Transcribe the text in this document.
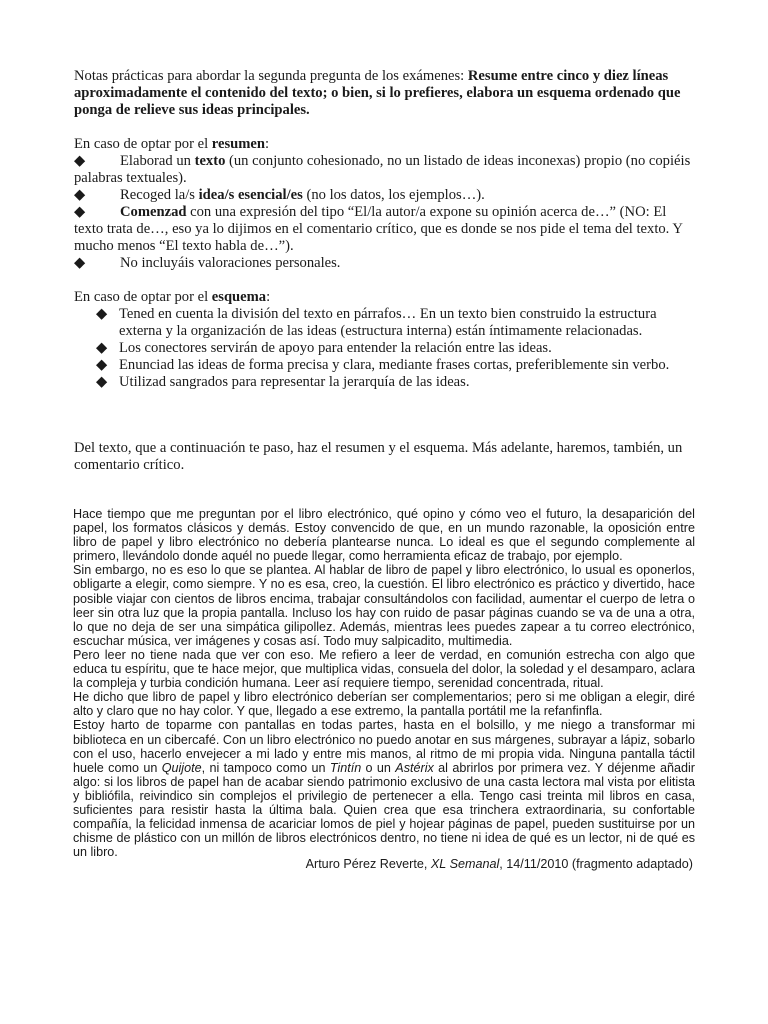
Notas prácticas para abordar la segunda pregunta de los exámenes: Resume entre cinco y diez líneas aproximadamente el contenido del texto; o bien, si lo prefieres, elabora un esquema ordenado que ponga de relieve sus ideas principales.

En caso de optar por el resumen:

◆	Elaborad un texto (un conjunto cohesionado, no un listado de ideas inconexas) propio (no copiéis palabras textuales).
◆	Recoged la/s idea/s esencial/es (no los datos, los ejemplos…).
◆	Comenzad con una expresión del tipo “El/la autor/a expone su opinión acerca de…” (NO: El texto trata de…, eso ya lo dijimos en el comentario crítico, que es donde se nos pide el tema del texto. Y mucho menos “El texto habla de…”).
◆	No incluyáis valoraciones personales.

En caso de optar por el esquema:

◆ Tened en cuenta la división del texto en párrafos… En un texto bien construido la estructura externa y la organización de las ideas (estructura interna) están íntimamente relacionadas.
◆ Los conectores servirán de apoyo para entender la relación entre las ideas.
◆ Enunciad las ideas de forma precisa y clara, mediante frases cortas, preferiblemente sin verbo.
◆ Utilizad sangrados para representar la jerarquía de las ideas.

Del texto, que a continuación te paso, haz el resumen y el esquema. Más adelante, haremos, también, un comentario crítico.

Hace tiempo que me preguntan por el libro electrónico, qué opino y cómo veo el futuro, la desaparición del papel, los formatos clásicos y demás. Estoy convencido de que, en un mundo razonable, la oposición entre libro de papel y libro electrónico no debería plantearse nunca. Lo ideal es que el segundo complemente al primero, llevándolo donde aquél no puede llegar, como herramienta eficaz de trabajo, por ejemplo.

Sin embargo, no es eso lo que se plantea. Al hablar de libro de papel y libro electrónico, lo usual es oponerlos, obligarte a elegir, como siempre. Y no es esa, creo, la cuestión. El libro electrónico es práctico y divertido, hace posible viajar con cientos de libros encima, trabajar consultándolos con facilidad, aumentar el cuerpo de letra o leer sin otra luz que la propia pantalla. Incluso los hay con ruido de pasar páginas cuando se va de una a otra, lo que no deja de ser una simpática gilipollez. Además, mientras lees puedes zapear a tu correo electrónico, escuchar música, ver imágenes y cosas así. Todo muy salpicadito, multimedia.

Pero leer no tiene nada que ver con eso. Me refiero a leer de verdad, en comunión estrecha con algo que educa tu espíritu, que te hace mejor, que multiplica vidas, consuela del dolor, la soledad y el desamparo, aclara la compleja y turbia condición humana. Leer así requiere tiempo, serenidad concentrada, ritual.

He dicho que libro de papel y libro electrónico deberían ser complementarios; pero si me obligan a elegir, diré alto y claro que no hay color. Y que, llegado a ese extremo, la pantalla portátil me la refanfinfla.

Estoy harto de toparme con pantallas en todas partes, hasta en el bolsillo, y me niego a transformar mi biblioteca en un cibercafé. Con un libro electrónico no puedo anotar en sus márgenes, subrayar a lápiz, sobarlo con el uso, hacerlo envejecer a mi lado y entre mis manos, al ritmo de mi propia vida. Ninguna pantalla táctil huele como un Quijote, ni tampoco como un Tintín o un Astérix al abrirlos por primera vez. Y déjenme añadir algo: si los libros de papel han de acabar siendo patrimonio exclusivo de una casta lectora mal vista por elitista y bibliófila, reivindico sin complejos el privilegio de pertenecer a ella. Tengo casi treinta mil libros en casa, suficientes para resistir hasta la última bala. Quien crea que esa trinchera extraordinaria, su confortable compañía, la felicidad inmensa de acariciar lomos de piel y hojear páginas de papel, pueden sustituirse por un chisme de plástico con un millón de libros electrónicos dentro, no tiene ni idea de qué es un lector, ni de qué es un libro.

Arturo Pérez Reverte, XL Semanal, 14/11/2010 (fragmento adaptado)
